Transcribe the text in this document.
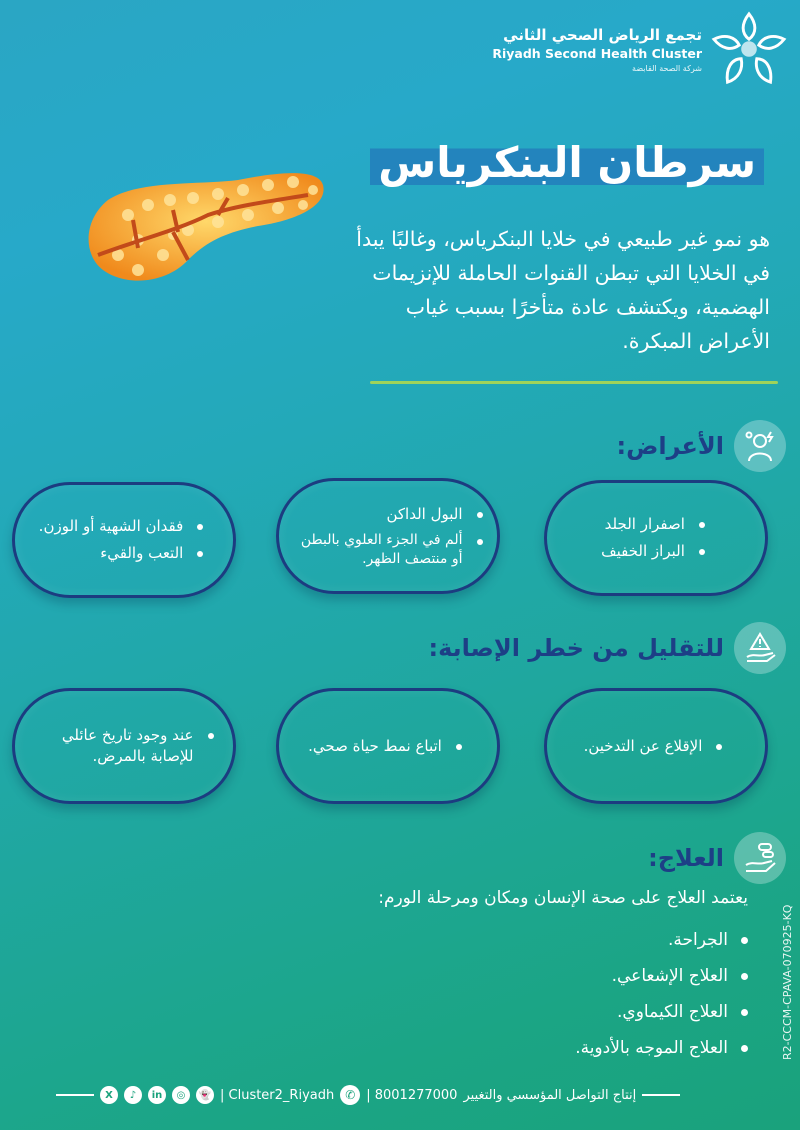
تجمع الرياض الصحي الثاني
Riyadh Second Health Cluster
شركة الصحة القابضة
سرطان البنكرياس
هو نمو غير طبيعي في خلايا البنكرياس، وغالبًا يبدأ في الخلايا التي تبطن القنوات الحاملة للإنزيمات الهضمية، ويكتشف عادة متأخرًا بسبب غياب الأعراض المبكرة.
الأعراض:
اصفرار الجلد
البراز الخفيف
البول الداكن
ألم في الجزء العلوي بالبطن أو منتصف الظهر.
فقدان الشهية أو الوزن.
التعب والقيء
للتقليل من خطر الإصابة:
الإقلاع عن التدخين.
اتباع نمط حياة صحي.
عند وجود تاريخ عائلي للإصابة بالمرض.
العلاج:
يعتمد العلاج على صحة الإنسان ومكان ومرحلة الورم:
الجراحة.
العلاج الإشعاعي.
العلاج الكيماوي.
العلاج الموجه بالأدوية.	R2-CCCM-CPAVA-070925-KQ
X	♪	in	◎	👻 | Cluster2_Riyadh ✆ | 8001277000 إنتاج التواصل المؤسسي والتغيير
